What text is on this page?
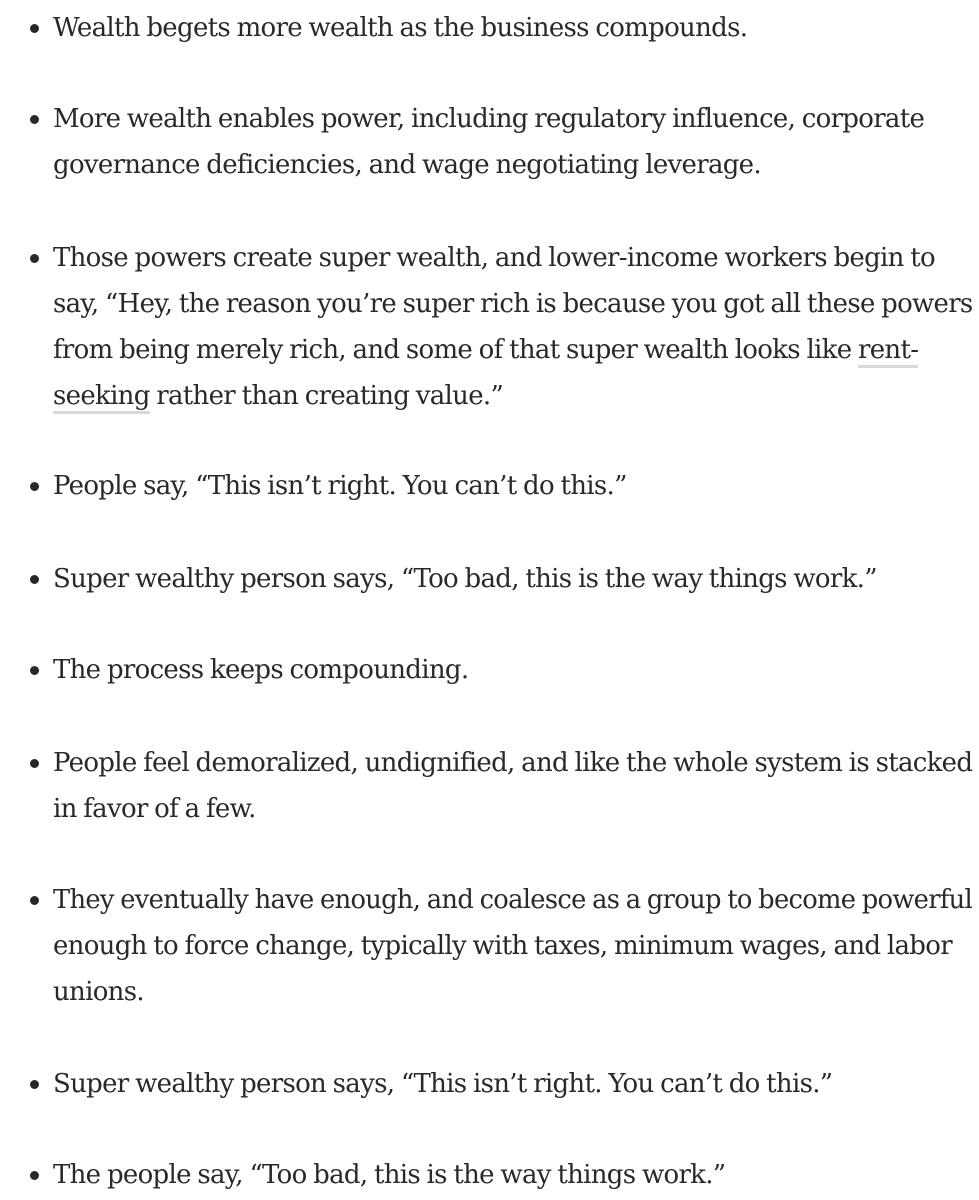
Wealth begets more wealth as the business compounds.
More wealth enables power, including regulatory influence, corporate
governance deficiencies, and wage negotiating leverage.
Those powers create super wealth, and lower-income workers begin to
say, “Hey, the reason you’re super rich is because you got all these powers
from being merely rich, and some of that super wealth looks like rent-
seeking rather than creating value.”
People say, “This isn’t right. You can’t do this.”
Super wealthy person says, “Too bad, this is the way things work.”
The process keeps compounding.
People feel demoralized, undignified, and like the whole system is stacked
in favor of a few.
They eventually have enough, and coalesce as a group to become powerful
enough to force change, typically with taxes, minimum wages, and labor
unions.
Super wealthy person says, “This isn’t right. You can’t do this.”
The people say, “Too bad, this is the way things work.”
